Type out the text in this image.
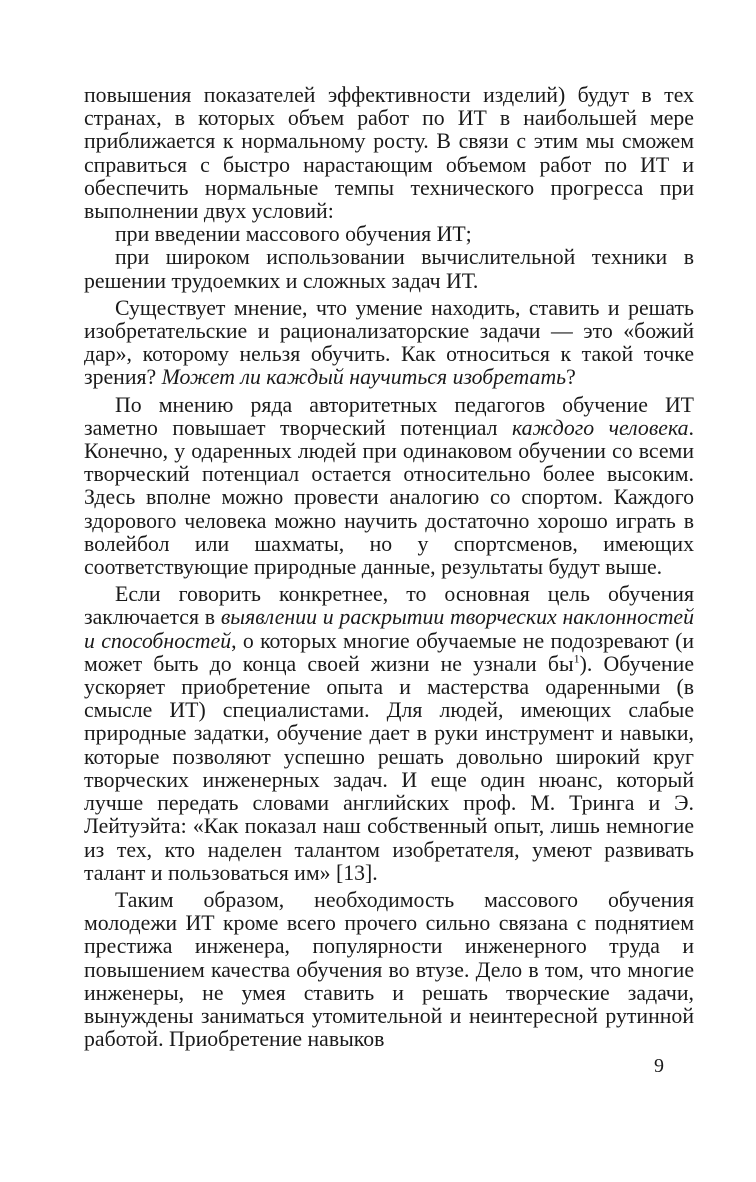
повышения показателей эффективности изделий) будут в тех странах, в которых объем работ по ИТ в наибольшей мере приближается к нормальному росту. В связи с этим мы сможем справиться с быстро нарастающим объемом работ по ИТ и обеспечить нормальные темпы технического прогресса при выполнении двух условий:

при введении массового обучения ИТ;

при широком использовании вычислительной техники в решении трудоемких и сложных задач ИТ.

Существует мнение, что умение находить, ставить и решать изобретательские и рационализаторские задачи — это «божий дар», которому нельзя обучить. Как относиться к такой точке зрения? Может ли каждый научиться изобретать?

По мнению ряда авторитетных педагогов обучение ИТ заметно повышает творческий потенциал каждого человека. Конечно, у одаренных людей при одинаковом обучении со всеми творческий потенциал остается относительно более высоким. Здесь вполне можно провести аналогию со спортом. Каждого здорового человека можно научить достаточно хорошо играть в волейбол или шахматы, но у спортсменов, имеющих соответствующие природные данные, результаты будут выше.

Если говорить конкретнее, то основная цель обучения заключается в выявлении и раскрытии творческих наклонностей и способностей, о которых многие обучаемые не подозревают (и может быть до конца своей жизни не узнали $бы^1$). Обучение ускоряет приобретение опыта и мастерства одаренными (в смысле ИТ) специалистами. Для людей, имеющих слабые природные задатки, обучение дает в руки инструмент и навыки, которые позволяют успешно решать довольно широкий круг творческих инженерных задач. И еще один нюанс, который лучше передать словами английских проф. М. Тринга и Э. Лейтуэйта: «Как показал наш собственный опыт, лишь немногие из тех, кто наделен талантом изобретателя, умеют развивать талант и пользоваться им» [13].

Таким образом, необходимость массового обучения молодежи ИТ кроме всего прочего сильно связана с поднятием престижа инженера, популярности инженерного труда и повышением качества обучения во втузе. Дело в том, что многие инженеры, не умея ставить и решать творческие задачи, вынуждены заниматься утомительной и неинтересной рутинной работой. Приобретение навыков

9
